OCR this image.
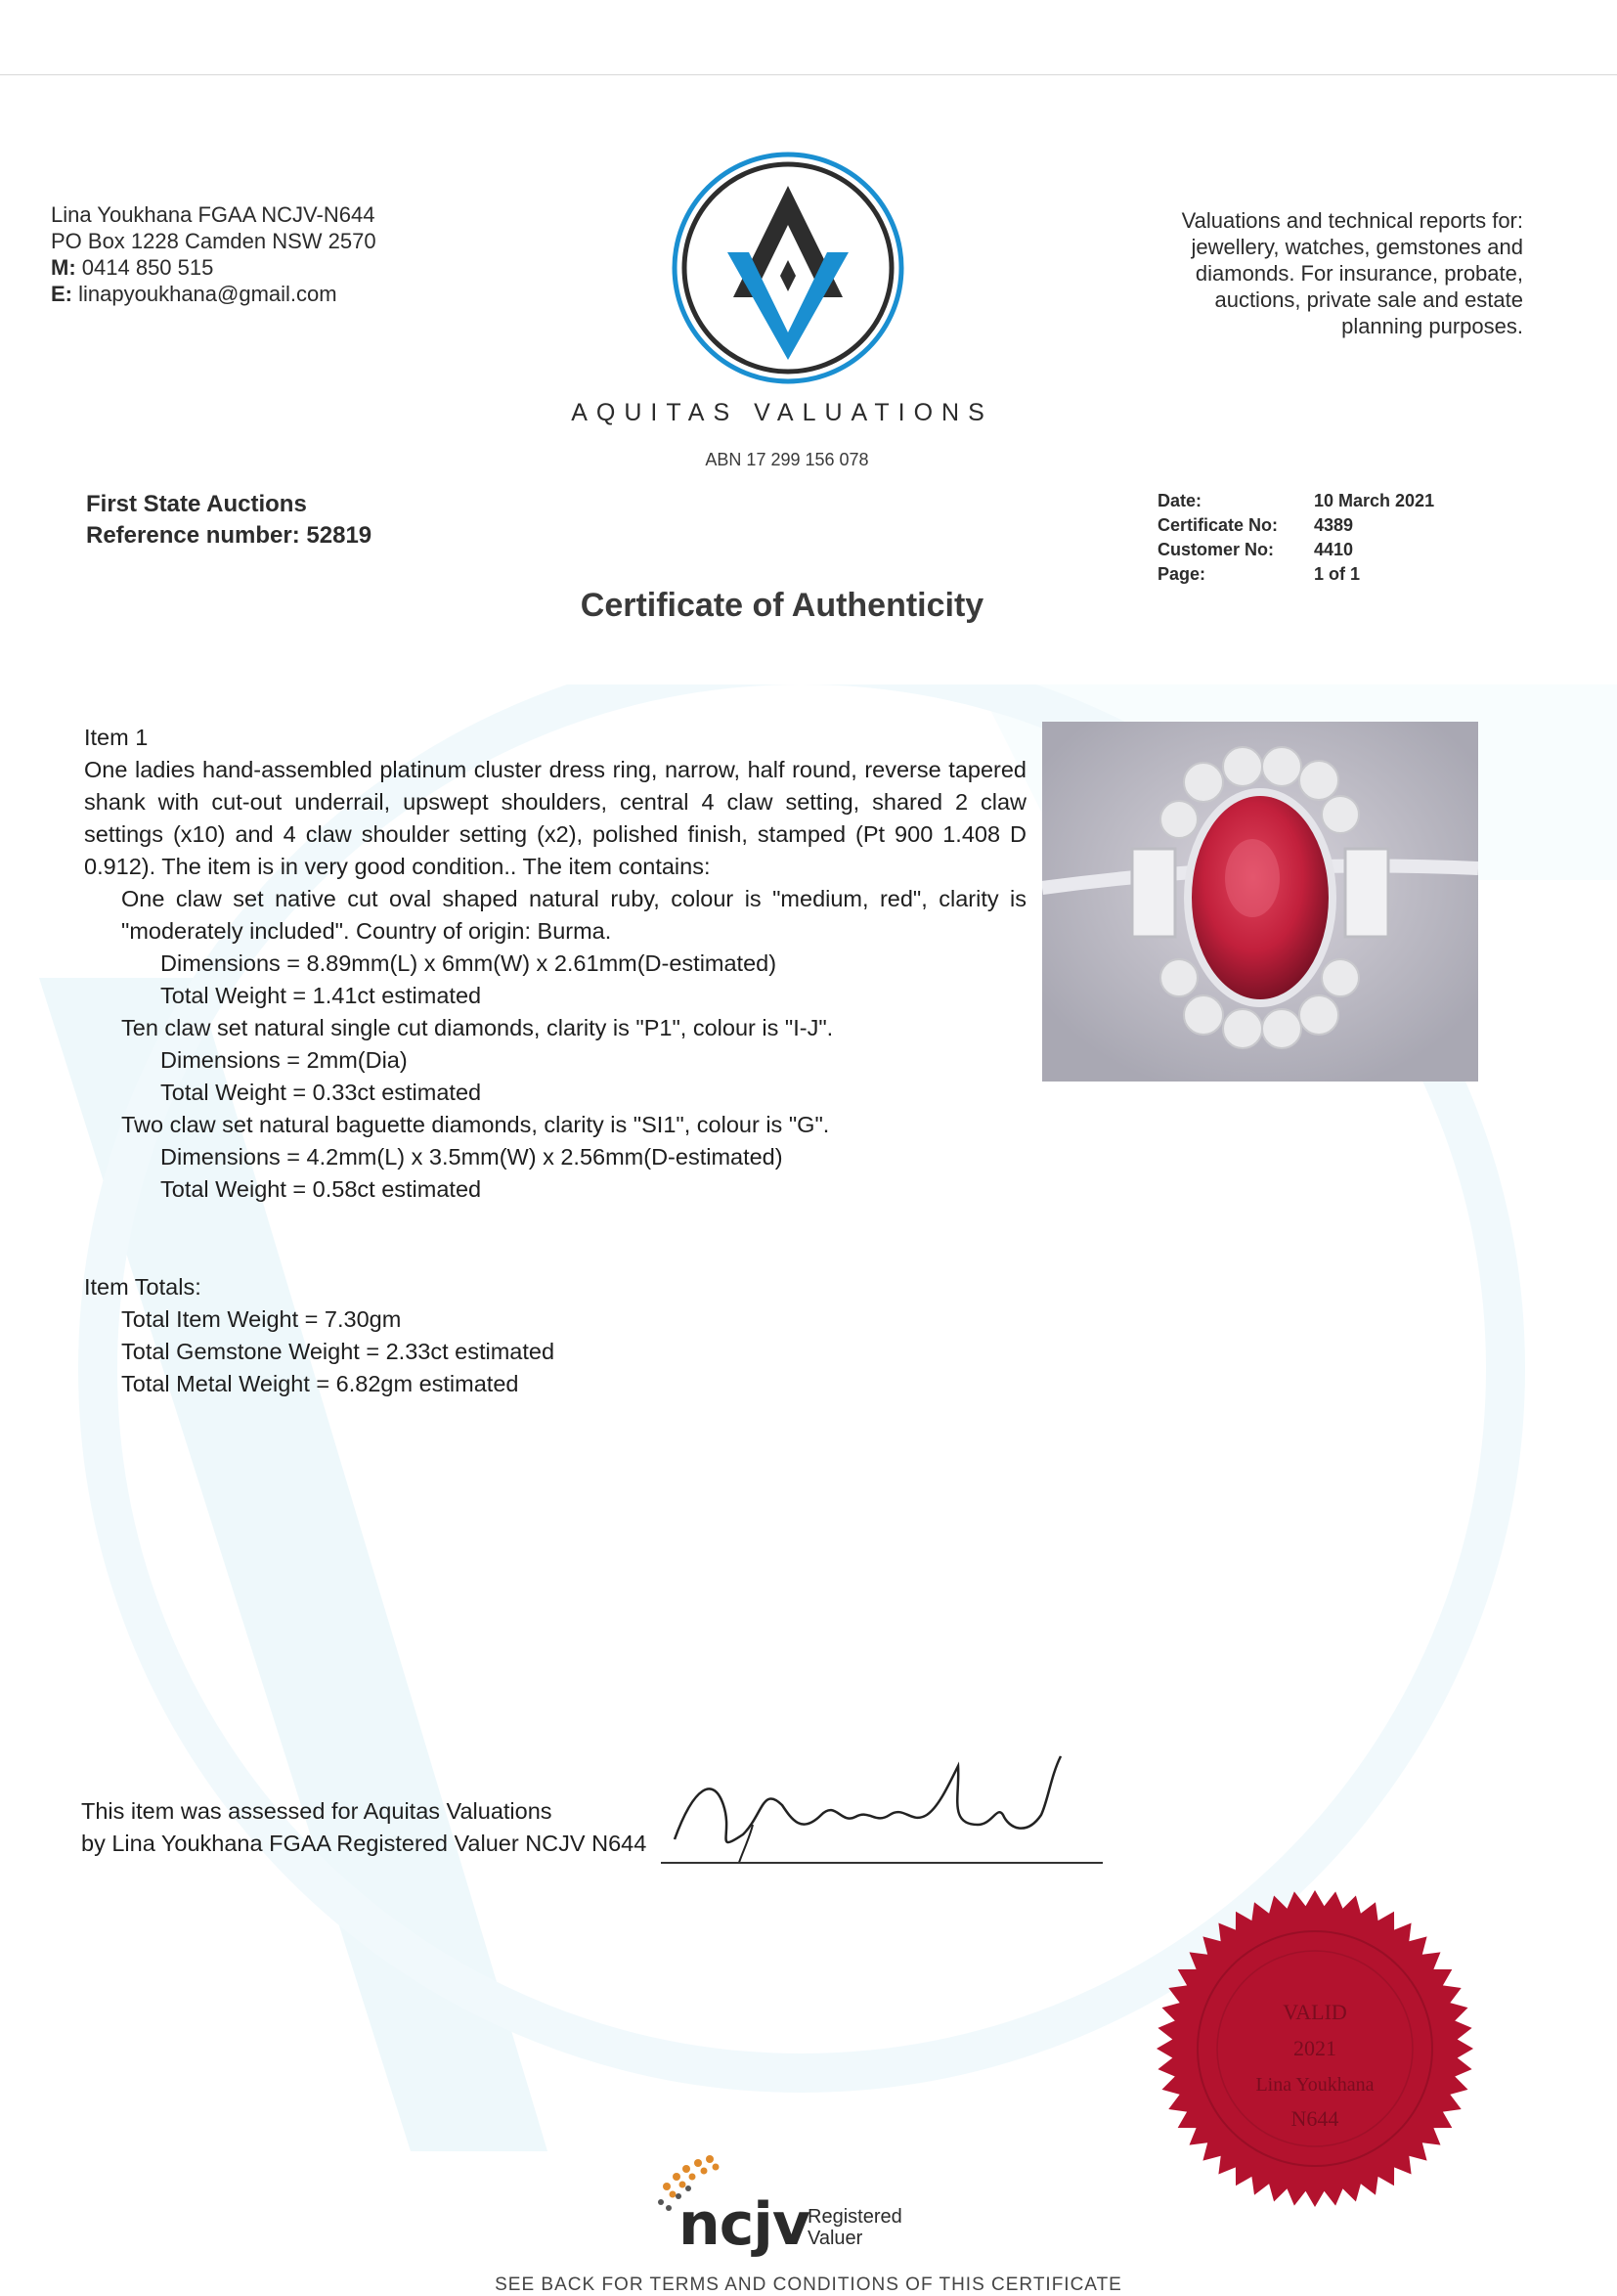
Lina Youkhana FGAA NCJV-N644
PO Box 1228 Camden NSW 2570
M: 0414 850 515
E: linapyoukhana@gmail.com
Valuations and technical reports for:
jewellery, watches, gemstones and
diamonds. For insurance, probate,
auctions, private sale and estate
planning purposes.
AQUITAS VALUATIONS
ABN 17 299 156 078
First State Auctions
Reference number: 52819
Date:	10 March 2021
Certificate No:	4389
Customer No:	4410
Page:	1 of 1
Certificate of Authenticity

Item 1

One ladies hand-assembled platinum cluster dress ring, narrow, half round, reverse tapered shank with cut-out underrail, upswept shoulders, central 4 claw setting, shared 2 claw settings (x10) and 4 claw shoulder setting (x2), polished finish, stamped (Pt 900 1.408 D 0.912). The item is in very good condition.. The item contains:

One claw set native cut oval shaped natural ruby, colour is "medium, red", clarity is "moderately included". Country of origin: Burma.

Dimensions = 8.89mm(L) x 6mm(W) x 2.61mm(D-estimated)

Total Weight = 1.41ct estimated

Ten claw set natural single cut diamonds, clarity is "P1", colour is "I-J".

Dimensions = 2mm(Dia)

Total Weight = 0.33ct estimated

Two claw set natural baguette diamonds, clarity is "SI1", colour is "G".

Dimensions = 4.2mm(L) x 3.5mm(W) x 2.56mm(D-estimated)

Total Weight = 0.58ct estimated

Item Totals:
Total Item Weight = 7.30gm
Total Gemstone Weight = 2.33ct estimated
Total Metal Weight = 6.82gm estimated
This item was assessed for Aquitas Valuations
by Lina Youkhana FGAA Registered Valuer NCJV N644
VALID
2021
Lina Youkhana
N644
ncjv
Registered
Valuer
SEE BACK FOR TERMS AND CONDITIONS OF THIS CERTIFICATE
